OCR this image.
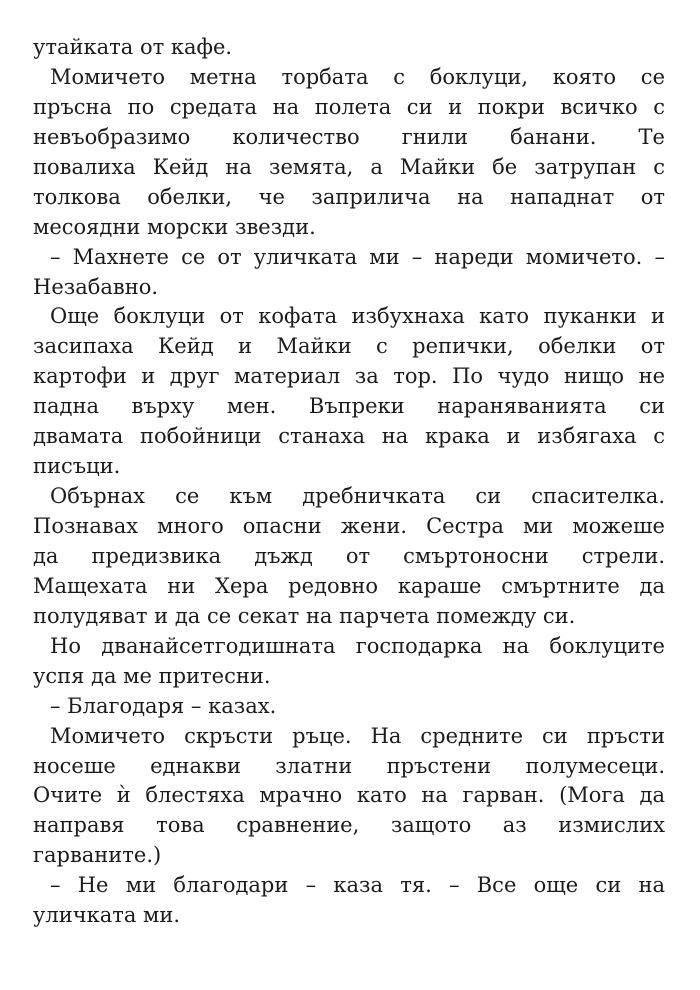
утайката от кафе.
Момичето метна торбата с боклуци, която се
пръсна по средата на полета си и покри всичко с
невъобразимо количество гнили банани. Те
повалиха Кейд на земята, а Майки бе затрупан с
толкова обелки, че заприлича на нападнат от
месоядни морски звезди.
– Махнете се от уличката ми – нареди момичето. –
Незабавно.
Още боклуци от кофата избухнаха като пуканки и
засипаха Кейд и Майки с репички, обелки от
картофи и друг материал за тор. По чудо нищо не
падна върху мен. Въпреки нараняванията си
двамата побойници станаха на крака и избягаха с
писъци.
Обърнах се към дребничката си спасителка.
Познавах много опасни жени. Сестра ми можеше
да предизвика дъжд от смъртоносни стрели.
Мащехата ни Хера редовно караше смъртните да
полудяват и да се секат на парчета помежду си.
Но дванайсетгодишната господарка на боклуците
успя да ме притесни.
– Благодаря – казах.
Момичето скръсти ръце. На средните си пръсти
носеше еднакви златни пръстени полумесеци.
Очите ѝ блестяха мрачно като на гарван. (Мога да
направя това сравнение, защото аз измислих
гарваните.)
– Не ми благодари – каза тя. – Все още си на
уличката ми.
